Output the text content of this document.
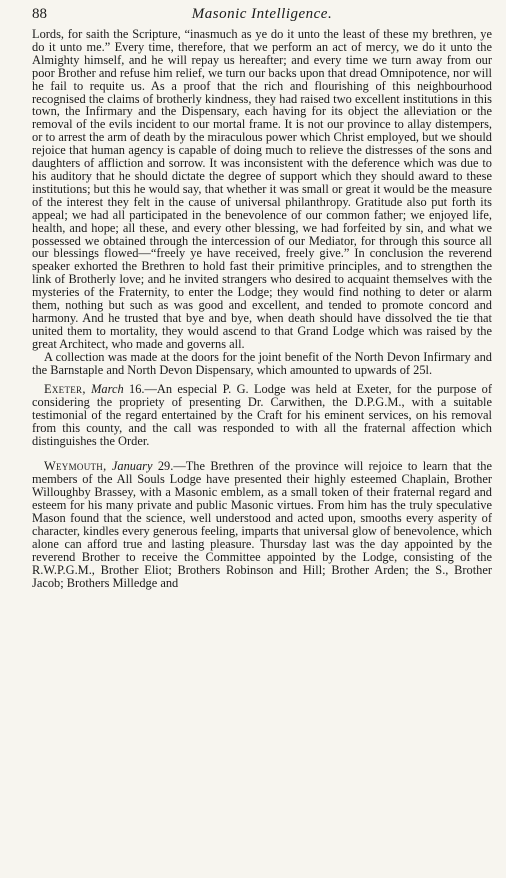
88	Masonic Intelligence.

Lords, for saith the Scripture, “inasmuch as ye do it unto the least of these my brethren, ye do it unto me.” Every time, therefore, that we perform an act of mercy, we do it unto the Almighty himself, and he will repay us hereafter; and every time we turn away from our poor Brother and refuse him relief, we turn our backs upon that dread Omnipotence, nor will he fail to requite us. As a proof that the rich and flourishing of this neighbourhood recognised the claims of brotherly kindness, they had raised two excellent institutions in this town, the Infirmary and the Dispensary, each having for its object the alleviation or the removal of the evils incident to our mortal frame. It is not our province to allay distempers, or to arrest the arm of death by the miraculous power which Christ employed, but we should rejoice that human agency is capable of doing much to relieve the distresses of the sons and daughters of affliction and sorrow. It was inconsistent with the deference which was due to his auditory that he should dictate the degree of support which they should award to these institutions; but this he would say, that whether it was small or great it would be the measure of the interest they felt in the cause of universal philanthropy. Gratitude also put forth its appeal; we had all participated in the benevolence of our common father; we enjoyed life, health, and hope; all these, and every other blessing, we had forfeited by sin, and what we possessed we obtained through the intercession of our Mediator, for through this source all our blessings flowed—“freely ye have received, freely give.” In conclusion the reverend speaker exhorted the Brethren to hold fast their primitive principles, and to strengthen the link of Brotherly love; and he invited strangers who desired to acquaint themselves with the mysteries of the Fraternity, to enter the Lodge; they would find nothing to deter or alarm them, nothing but such as was good and excellent, and tended to promote concord and harmony. And he trusted that bye and bye, when death should have dissolved the tie that united them to mortality, they would ascend to that Grand Lodge which was raised by the great Architect, who made and governs all.

A collection was made at the doors for the joint benefit of the North Devon Infirmary and the Barnstaple and North Devon Dispensary, which amounted to upwards of 25l.

Exeter, March 16.—An especial P. G. Lodge was held at Exeter, for the purpose of considering the propriety of presenting Dr. Carwithen, the D.P.G.M., with a suitable testimonial of the regard entertained by the Craft for his eminent services, on his removal from this county, and the call was responded to with all the fraternal affection which distinguishes the Order.

Weymouth, January 29.—The Brethren of the province will rejoice to learn that the members of the All Souls Lodge have presented their highly esteemed Chaplain, Brother Willoughby Brassey, with a Masonic emblem, as a small token of their fraternal regard and esteem for his many private and public Masonic virtues. From him has the truly speculative Mason found that the science, well understood and acted upon, smooths every asperity of character, kindles every generous feeling, imparts that universal glow of benevolence, which alone can afford true and lasting pleasure. Thursday last was the day appointed by the reverend Brother to receive the Committee appointed by the Lodge, consisting of the R.W.P.G.M., Brother Eliot; Brothers Robinson and Hill; Brother Arden; the S., Brother Jacob; Brothers Milledge and
